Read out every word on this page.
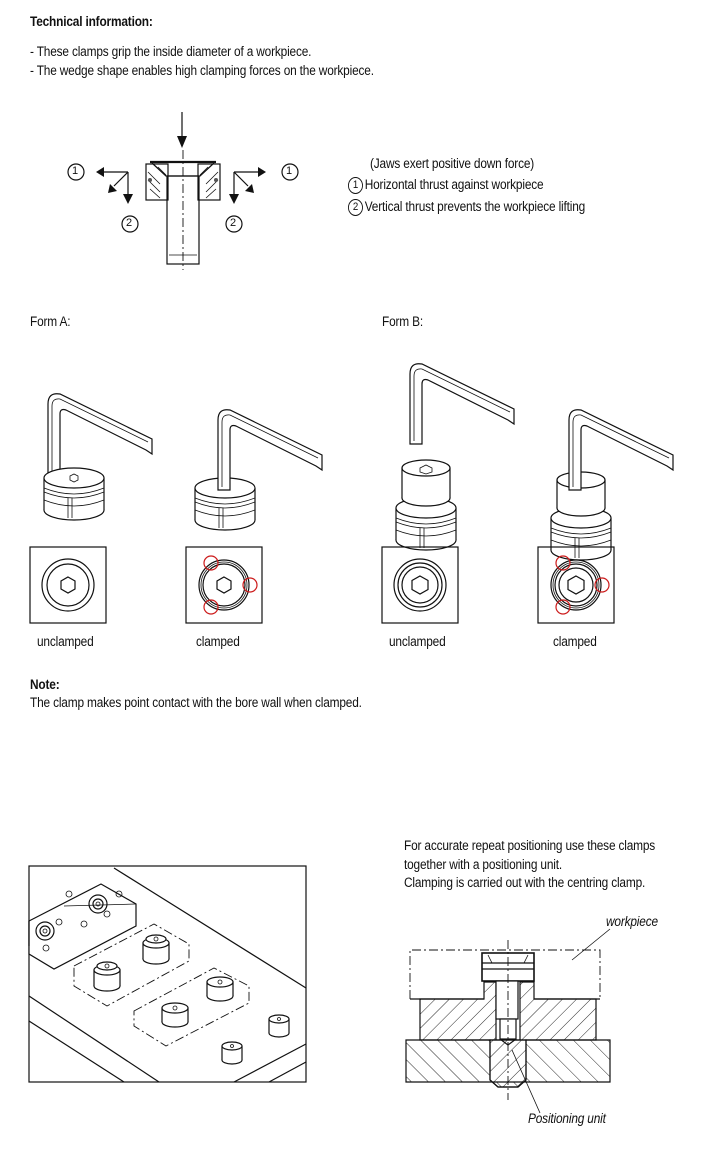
Technical information:
- These clamps grip the inside diameter of a workpiece.
- The wedge shape enables high clamping forces on the workpiece.
1
2
1
2
(Jaws exert positive down force)
1 Horizontal thrust against workpiece
2 Vertical thrust prevents the workpiece lifting
Form A:	Form B:
unclamped	clamped	unclamped	clamped
Note:
The clamp makes point contact with the bore wall when clamped.
For accurate repeat positioning use these clamps
together with a positioning unit.
Clamping is carried out with the centring clamp.
workpiece
Positioning unit
